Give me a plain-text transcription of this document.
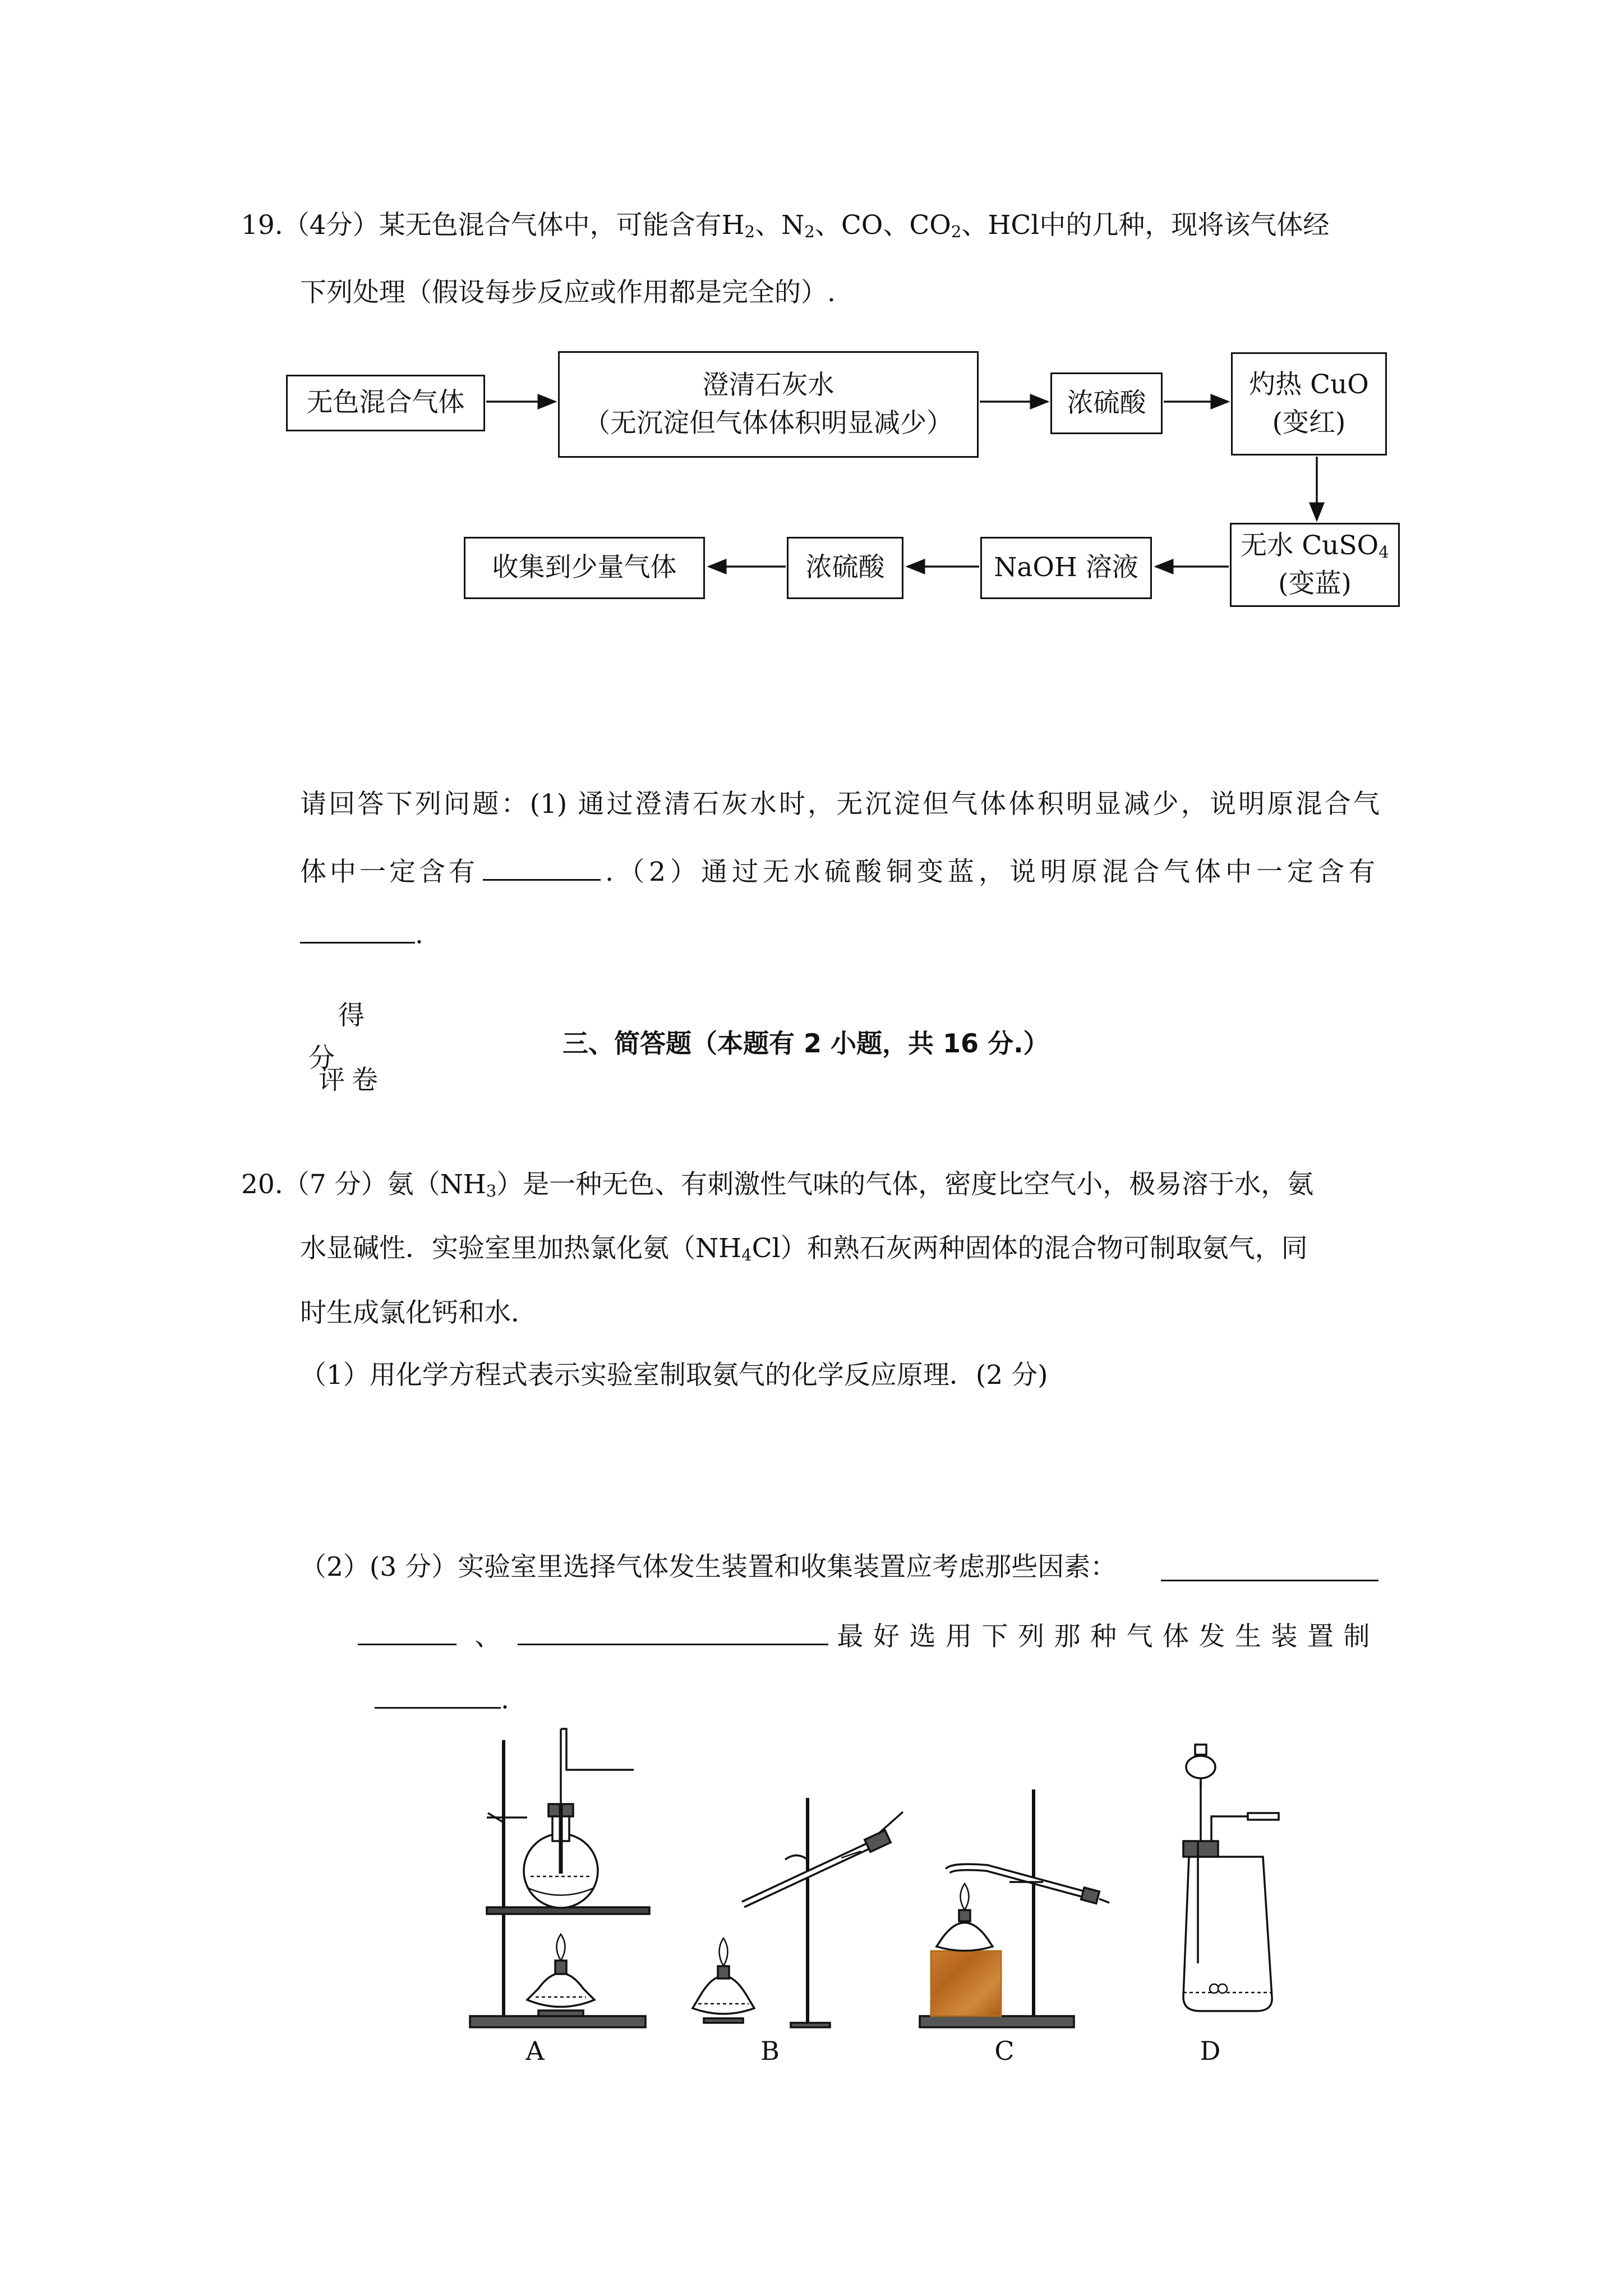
19.（4分）某无色混合气体中，可能含有$H_2$、$N_2$、CO、$CO_2$、HCl中的几种，现将该气体经
下列处理（假设每步反应或作用都是完全的）.
无色混合气体
澄清石灰水
（无沉淀但气体体积明显减少）
浓硫酸
灼热 CuO
(变红)
无水 CuSO$_4$
(变蓝)
NaOH 溶液
浓硫酸
收集到少量气体
请回答下列问题：(1) 通过澄清石灰水时，无沉淀但气体体积明显减少，说明原混合气
体中一定含有	.（2）通过无水硫酸铜变蓝，说明原混合气体中一定含有
.
得
分
评卷
三、简答题（本题有 2 小题，共 16 分.）
20.（7 分）氨$(NH_3)$是一种无色、有刺激性气味的气体，密度比空气小，极易溶于水，氨
水显碱性．实验室里加热氯化氨$(NH_4Cl)$和熟石灰两种固体的混合物可制取氨气，同
时生成氯化钙和水．
（1）用化学方程式表示实验室制取氨气的化学反应原理．(2 分)
（2）(3 分）实验室里选择气体发生装置和收集装置应考虑那些因素：
、	最好选用下列那种气体发生装置制
.
A	B	C	D
